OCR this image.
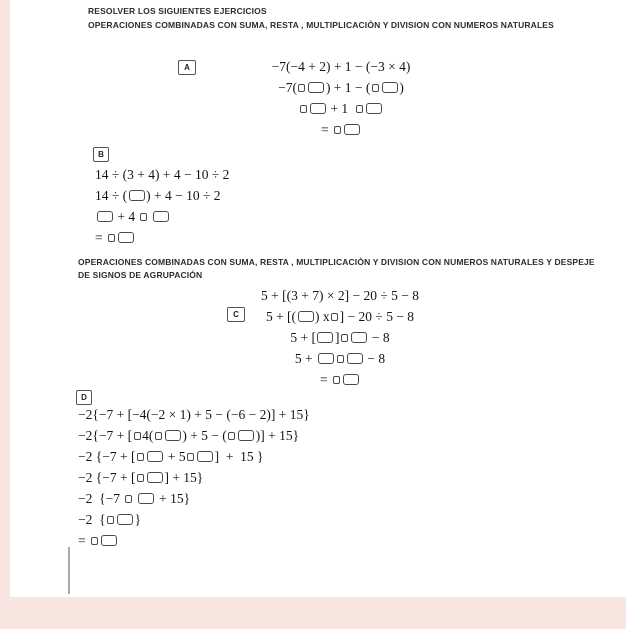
RESOLVER LOS SIGUIENTES EJERCICIOS
OPERACIONES COMBINADAS CON SUMA, RESTA , MULTIPLICACIÒN Y DIVISION CON NUMEROS NATURALES
A	−7(−4 + 2) + 1 − (−3 × 4)
−7( ) + 1 − ( )
+ 1
=
B
14 ÷ (3 + 4) + 4 − 10 ÷ 2
14 ÷ ( ) + 4 − 10 ÷ 2
+ 4
=
OPERACIONES COMBINADAS CON SUMA, RESTA , MULTIPLICACIÒN Y DIVISION CON NUMEROS NATURALES Y DESPEJE
DE SIGNOS DE AGRUPACIÓN
C
5 + [(3 + 7) × 2] − 20 ÷ 5 − 8
5 + [( ) x ] − 20 ÷ 5 − 8
5 + [ ] − 8
5 +	− 8
=
D
−2{−7 + [−4(−2 × 1) + 5 − (−6 − 2)] + 15}
−2{−7 + [ 4( ) + 5 − ( )] + 15}
−2 {−7 + [ + 5 ]  +  15 }
−2 {−7 + [ ] + 15}
−2  {−7   + 15}
−2  { }
=
